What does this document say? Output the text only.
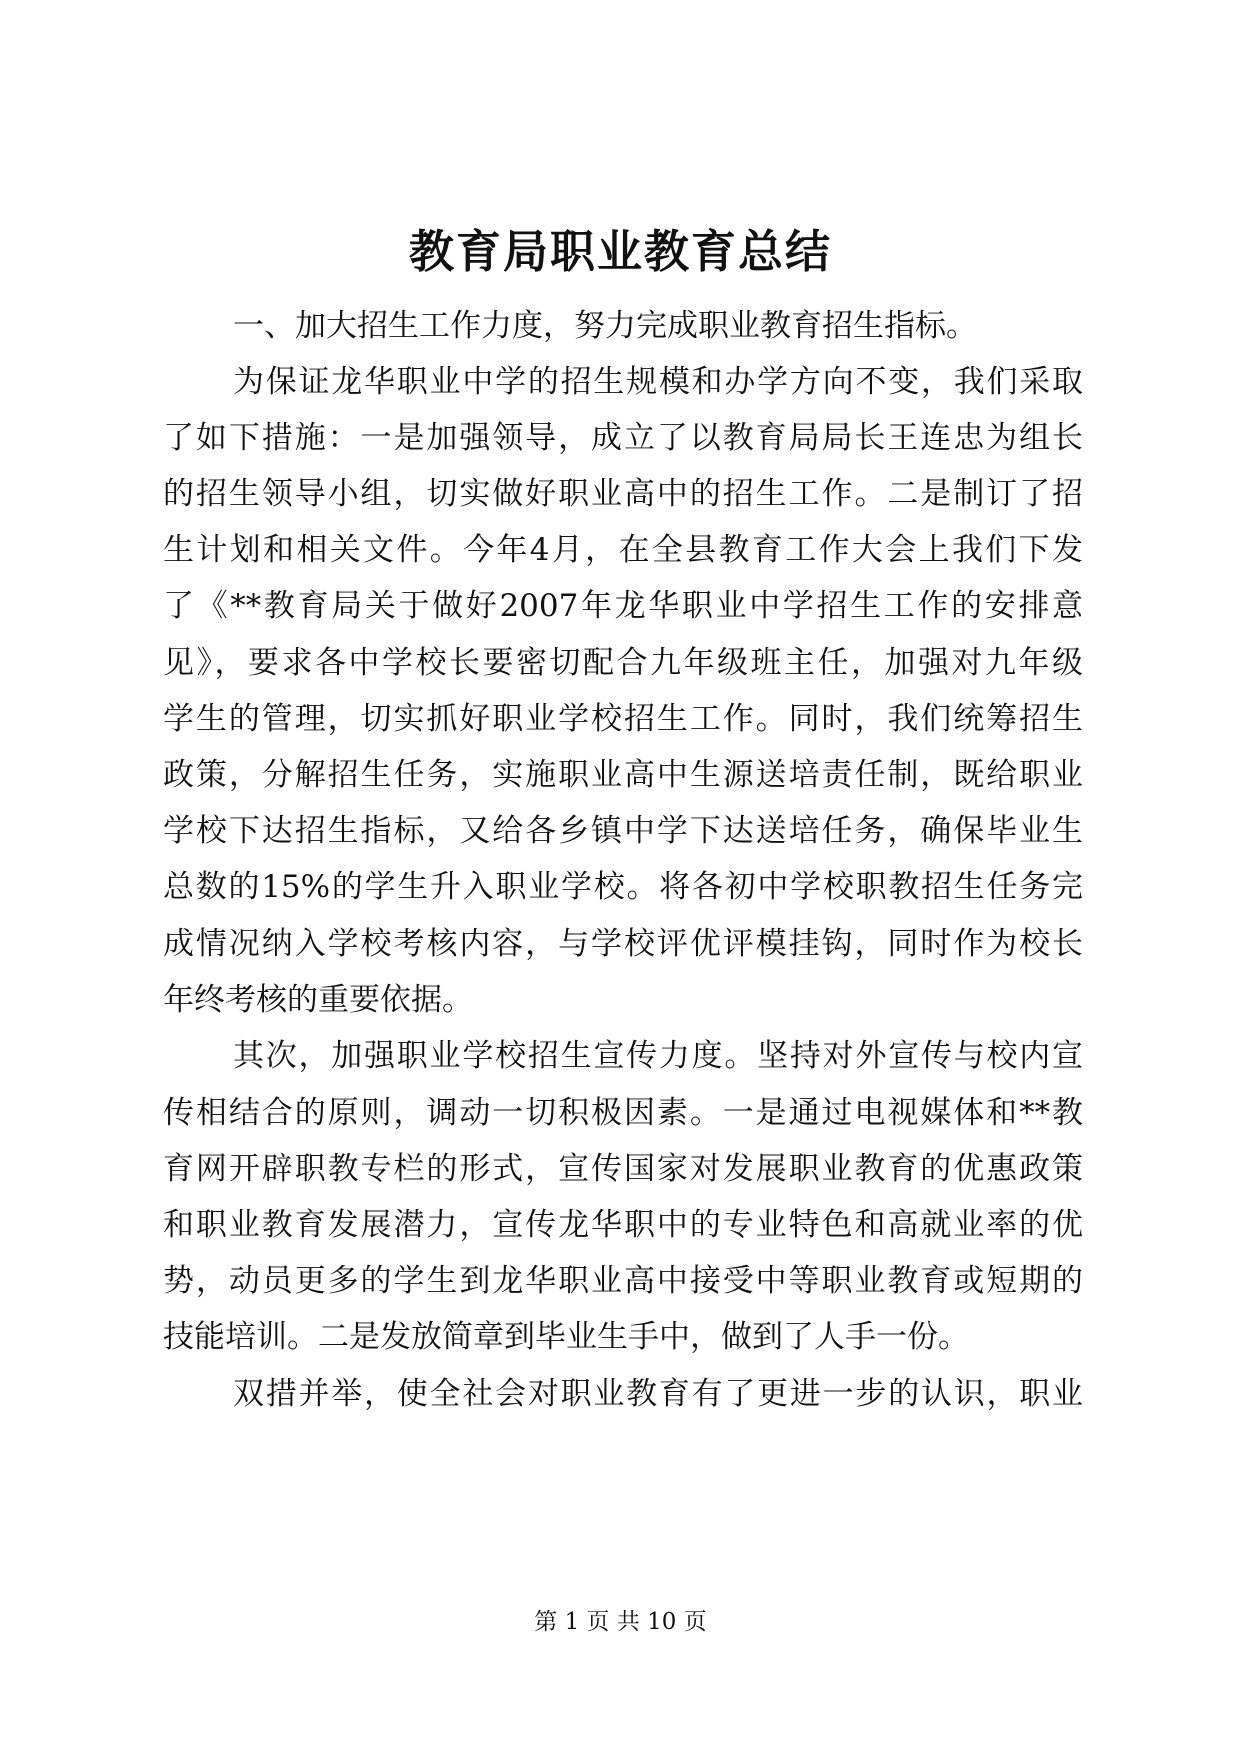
教育局职业教育总结
一、加大招生工作力度，努力完成职业教育招生指标。
为保证龙华职业中学的招生规模和办学方向不变，我们采取
了如下措施：一是加强领导，成立了以教育局局长王连忠为组长
的招生领导小组，切实做好职业高中的招生工作。二是制订了招
生计划和相关文件。今年4月，在全县教育工作大会上我们下发
了《**教育局关于做好2007年龙华职业中学招生工作的安排意
见》，要求各中学校长要密切配合九年级班主任，加强对九年级
学生的管理，切实抓好职业学校招生工作。同时，我们统筹招生
政策，分解招生任务，实施职业高中生源送培责任制，既给职业
学校下达招生指标，又给各乡镇中学下达送培任务，确保毕业生
总数的15%的学生升入职业学校。将各初中学校职教招生任务完
成情况纳入学校考核内容，与学校评优评模挂钩，同时作为校长
年终考核的重要依据。
其次，加强职业学校招生宣传力度。坚持对外宣传与校内宣
传相结合的原则，调动一切积极因素。一是通过电视媒体和**教
育网开辟职教专栏的形式，宣传国家对发展职业教育的优惠政策
和职业教育发展潜力，宣传龙华职中的专业特色和高就业率的优
势，动员更多的学生到龙华职业高中接受中等职业教育或短期的
技能培训。二是发放简章到毕业生手中，做到了人手一份。
双措并举，使全社会对职业教育有了更进一步的认识，职业
第 1 页 共 10 页
